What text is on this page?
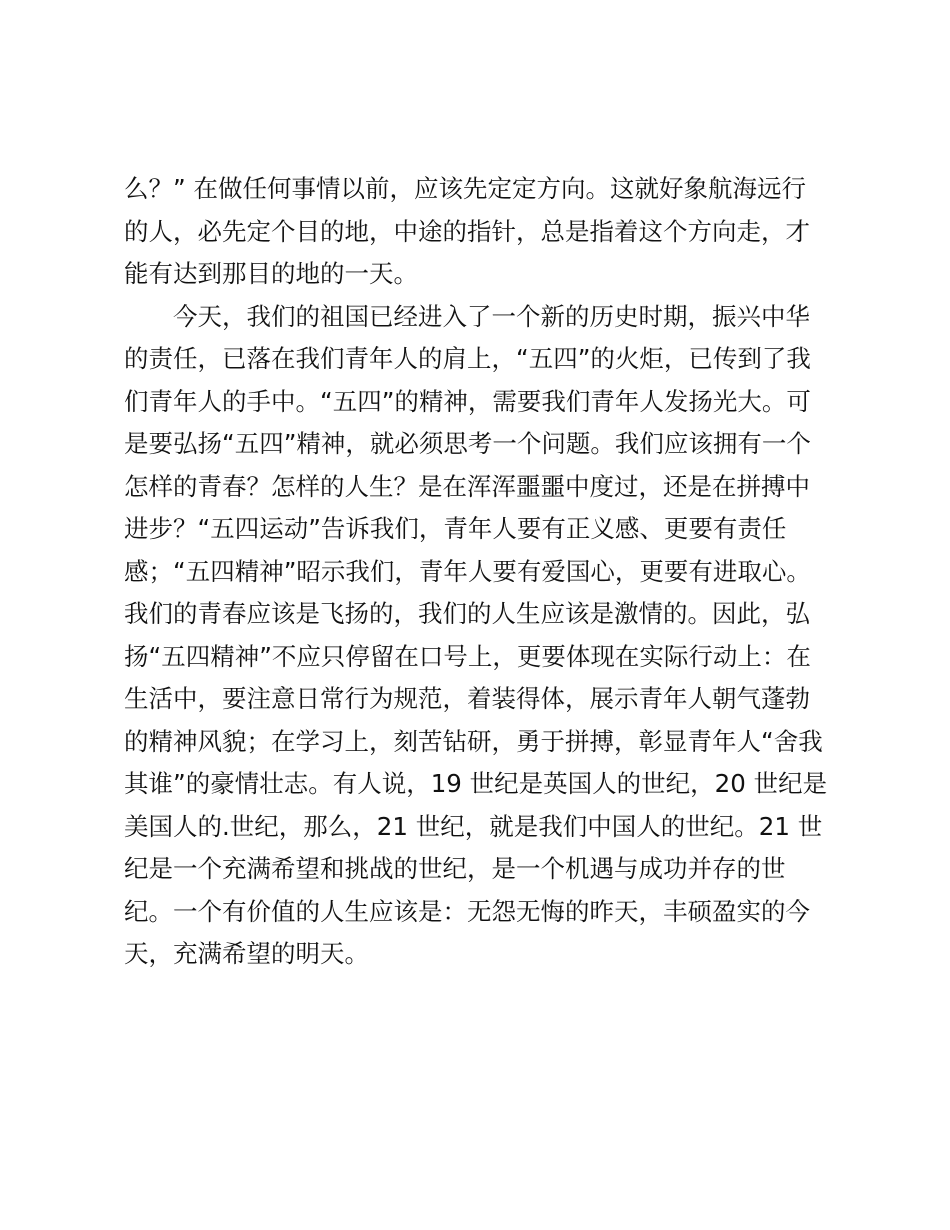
么？” 在做任何事情以前，应该先定定方向。这就好象航海远行
的人，必先定个目的地，中途的指针，总是指着这个方向走，才
能有达到那目的地的一天。
　　今天，我们的祖国已经进入了一个新的历史时期，振兴中华
的责任，已落在我们青年人的肩上，“五四”的火炬，已传到了我
们青年人的手中。“五四”的精神，需要我们青年人发扬光大。可
是要弘扬“五四”精神，就必须思考一个问题。我们应该拥有一个
怎样的青春？怎样的人生？是在浑浑噩噩中度过，还是在拼搏中
进步？“五四运动”告诉我们，青年人要有正义感、更要有责任
感；“五四精神”昭示我们，青年人要有爱国心，更要有进取心。
我们的青春应该是飞扬的，我们的人生应该是激情的。因此，弘
扬“五四精神”不应只停留在口号上，更要体现在实际行动上：在
生活中，要注意日常行为规范，着装得体，展示青年人朝气蓬勃
的精神风貌；在学习上，刻苦钻研，勇于拼搏，彰显青年人“舍我
其谁”的豪情壮志。有人说，19 世纪是英国人的世纪，20 世纪是
美国人的.世纪，那么，21 世纪，就是我们中国人的世纪。21 世
纪是一个充满希望和挑战的世纪，是一个机遇与成功并存的世
纪。一个有价值的人生应该是：无怨无悔的昨天，丰硕盈实的今
天，充满希望的明天。
